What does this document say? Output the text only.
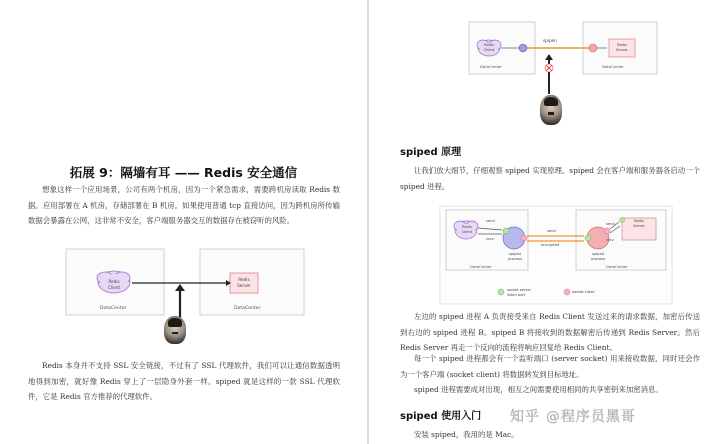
拓展 9：隔墙有耳 —— Redis 安全通信
想象这样一个应用场景，公司有两个机房，因为一个紧急需求，需要跨机房读取 Redis 数据。应用部署在 A 机房，存储部署在 B 机房。如果使用普通 tcp 直接访问，因为跨机房所传输数据会暴露在公网，这非常不安全，客户端服务器交互的数据存在被窃听的风险。
Redis
Client
Redis
Server
DataCenter	DataCenter
Redis 本身并不支持 SSL 安全链接，不过有了 SSL 代理软件，我们可以让通信数据透明地得到加密，就好像 Redis 穿上了一层隐身外套一样。spiped 就是这样的一款 SSL 代理软件，它是 Redis 官方推荐的代理软件。
Redis
Client
Redis
Server
spipen
DataCenter	DataCenter
spiped 原理
让我们放大细节，仔细观察 spiped 实现原理。spiped 会在客户端和服务器各启动一个 spiped 进程。
Redis
Client
Redis
Server
send
recv
send
encrypted
send
recv
spiped
process
spiped
process
DataCenter	DataCenter
socket server
listen port
socket client
左边的 spiped 进程 A 负责接受来自 Redis Client 发送过来的请求数据，加密后传送到右边的 spiped 进程 B。spiped B 将接收到的数据解密后传递到 Redis Server。然后 Redis Server 再走一个反向的流程将响应回复给 Redis Client。
每一个 spiped 进程都会有一个监听端口 (server socket) 用来接收数据，同时还会作为一个客户端 (socket client) 将数据转发到目标地址。
spiped 进程需要成对出现，相互之间需要使用相同的共享密钥来加密消息。
spiped 使用入门
安装 spiped，我用的是 Mac。
知乎 @程序员黑哥
